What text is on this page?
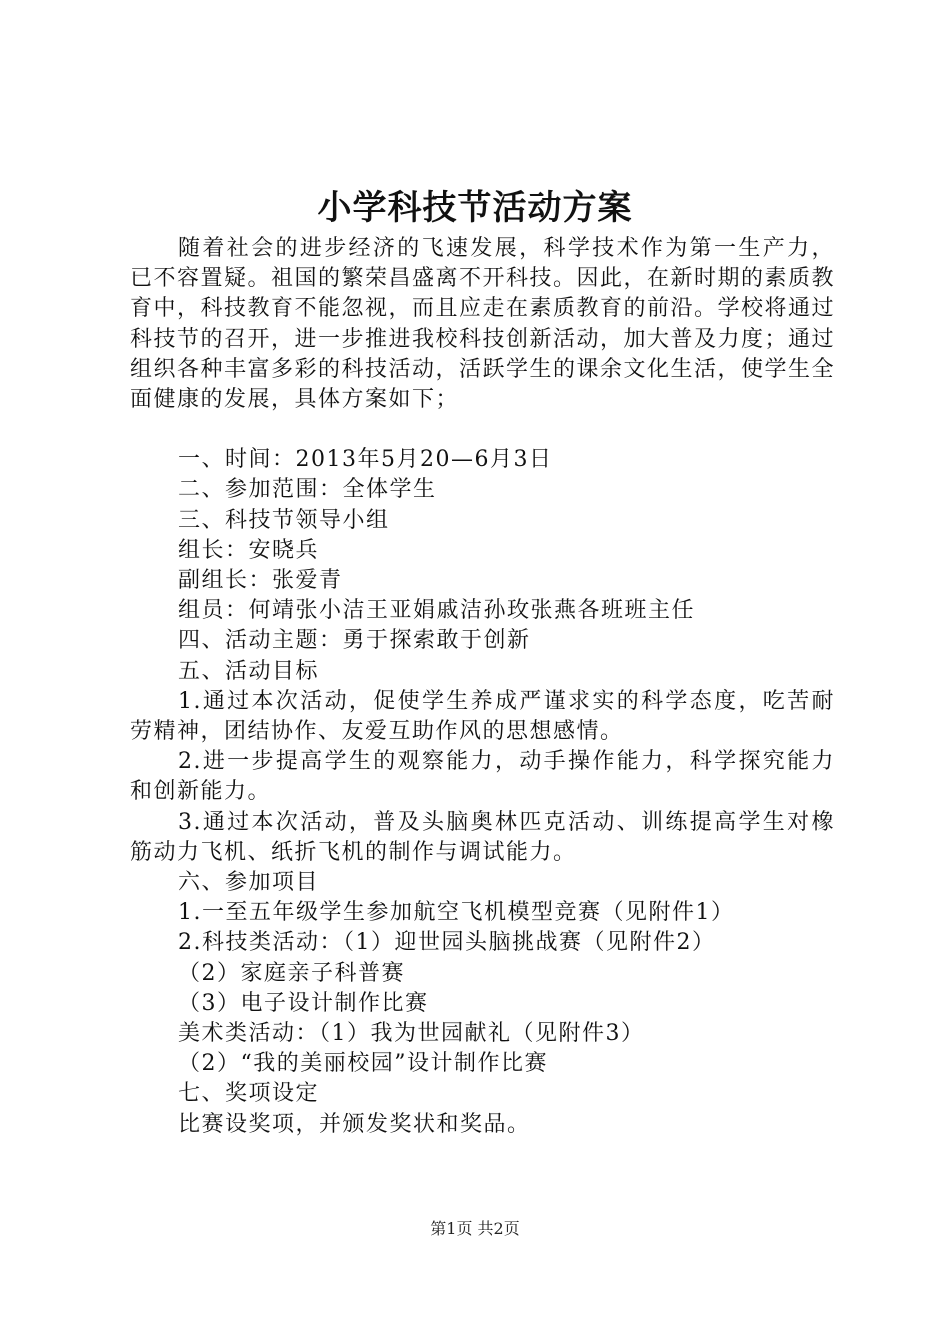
小学科技节活动方案

随着社会的进步经济的飞速发展，科学技术作为第一生产力，已不容置疑。祖国的繁荣昌盛离不开科技。因此，在新时期的素质教育中，科技教育不能忽视，而且应走在素质教育的前沿。学校将通过科技节的召开，进一步推进我校科技创新活动，加大普及力度；通过组织各种丰富多彩的科技活动，活跃学生的课余文化生活，使学生全面健康的发展，具体方案如下；

一、时间：2013年5月20—6月3日

二、参加范围：全体学生

三、科技节领导小组

组长：安晓兵

副组长：张爱青

组员：何靖张小洁王亚娟戚洁孙玫张燕各班班主任

四、活动主题：勇于探索敢于创新

五、活动目标

1.通过本次活动，促使学生养成严谨求实的科学态度，吃苦耐劳精神，团结协作、友爱互助作风的思想感情。

2.进一步提高学生的观察能力，动手操作能力，科学探究能力和创新能力。

3.通过本次活动，普及头脑奥林匹克活动、训练提高学生对橡筋动力飞机、纸折飞机的制作与调试能力。

六、参加项目

1.一至五年级学生参加航空飞机模型竞赛（见附件1）

2.科技类活动：（1）迎世园头脑挑战赛（见附件2）

（2）家庭亲子科普赛

（3）电子设计制作比赛

美术类活动：（1）我为世园献礼（见附件3）

（2）“我的美丽校园”设计制作比赛

七、奖项设定

比赛设奖项，并颁发奖状和奖品。

第1页 共2页
